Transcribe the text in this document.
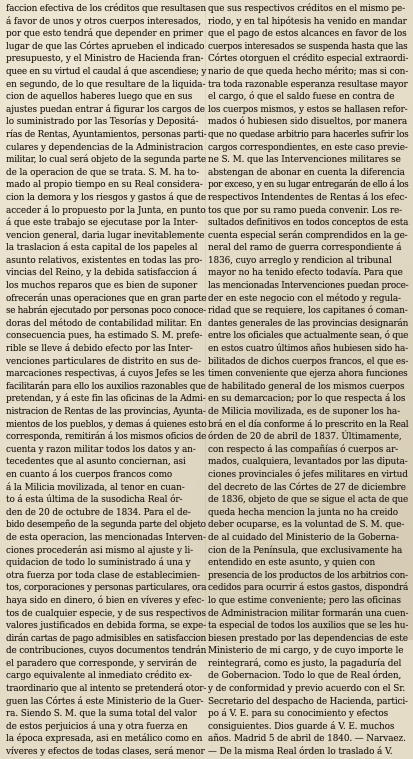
faccion efectiva de los créditos que resultasen
á favor de unos y otros cuerpos interesados,
por que esto tendrá que depender en primer
lugar de que las Córtes aprueben el indicado
presupuesto, y el Ministro de Hacienda fran-
quee en su virtud el caudal á que ascendiese; y
en segundo, de lo que resultare de la liquida-
cion de aquellos haberes luego que en sus
ajustes puedan entrar á figurar los cargos de
lo suministrado por las Tesorías y Depositá-
rías de Rentas, Ayuntamientos, personas parti-
culares y dependencias de la Administracion
militar, lo cual será objeto de la segunda parte
de la operacion de que se trata. S. M. ha to-
mado al propio tiempo en su Real considera-
cion la demora y los riesgos y gastos á que de
acceder á lo propuesto por la Junta, en punto
á que este trabajo se ejecutase por la Inter-
vencion general, daria lugar inevitablemente
la traslacion á esta capital de los papeles al
asunto relativos, existentes en todas las pro-
vincias del Reino, y la debida satisfaccion á
los muchos reparos que es bien de suponer
ofrecerán unas operaciones que en gran parte
se habrán ejecutado por personas poco conoce-
doras del método de contabilidad militar. En
consecuencia pues, ha estimado S. M. prefe-
rible se lleve á debido efecto por las Inter-
venciones particulares de distrito en sus de-
marcaciones respectivas, á cuyos Jefes se les
facilitarán para ello los auxilios razonables que
pretendan, y á este fin las oficinas de la Admi-
nistracion de Rentas de las provincias, Ayunta-
mientos de los pueblos, y demas á quienes esto
corresponda, remitirán á los mismos oficios de
cuenta y razon militar todos los datos y an-
tecedentes que al asunto conciernan, asi
en cuanto á los cuerpos francos como
á la Milicia movilizada, al tenor en cuan-
to á esta última de la susodicha Real ór-
den de 20 de octubre de 1834. Para el de-
bido desempeño de la segunda parte del objeto
de esta operacion, las mencionadas Interven-
ciones procederán asi mismo al ajuste y li-
quidacion de todo lo suministrado á una y
otra fuerza por toda clase de establecimien-
tos, corporaciones y personas particulares, ora
haya sido en dinero, ó bien en víveres y efec-
tos de cualquier especie, y de sus respectivos
valores justificados en debida forma, se expe-
dirán cartas de pago admisibles en satisfaccion
de contribuciones, cuyos documentos tendrán
el paradero que corresponde, y servirán de
cargo equivalente al inmediato crédito ex-
traordinario que al intento se pretenderá otor-
guen las Córtes á este Ministerio de la Guer-
ra. Siendo S. M. que la suma total del valor
de estos perjuicios á una y otra fuerza en
la época expresada, asi en metálico como en
víveres y efectos de todas clases, será menor
que sus respectivos créditos en el mismo pe-
riodo, y en tal hipótesis ha venido en mandar
que el pago de estos alcances en favor de los
cuerpos interesados se suspenda hasta que las
Córtes otorguen el crédito especial extraordi-
nario de que queda hecho mérito; mas si con-
tra toda razonable esperanza resultase mayor
el cargo, ó que el saldo fuese en contra de
los cuerpos mismos, y estos se hallasen refor-
mados ó hubiesen sido disueltos, por manera
que no quedase arbitrio para hacerles sufrir los
cargos correspondientes, en este caso previe-
ne S. M. que las Intervenciones militares se
abstengan de abonar en cuenta la diferencia
por exceso, y en su lugar entregarán de ello á los
respectivos Intendentes de Rentas á los efec-
tos que por su ramo pueda convenir. Los re-
sultados definitivos en todos conceptos de esta
cuenta especial serán comprendidos en la ge-
neral del ramo de guerra correspondiente á
1836, cuyo arreglo y rendicion al tribunal
mayor no ha tenido efecto todavía. Para que
las mencionadas Intervenciones puedan proce-
der en este negocio con el método y regula-
ridad que se requiere, los capitanes ó coman-
dantes generales de las provincias designarán
entre los oficiales que actualmente sean, ó que
en estos cuatro últimos años hubiesen sido ha-
bilitados de dichos cuerpos francos, el que es-
timen conveniente que ejerza ahora funciones
de habilitado general de los mismos cuerpos
en su demarcacion; por lo que respecta á los
de Milicia movilizada, es de suponer los ha-
brá en el día conforme á lo prescrito en la Real
órden de 20 de abril de 1837. Últimamente,
con respecto á las compañías ó cuerpos ar-
mados, cualquiera, levantados por las diputa-
ciones provinciales ó jefes militares en virtud
del decreto de las Córtes de 27 de diciembre
de 1836, objeto de que se sigue el acta de que
queda hecha mencion la junta no ha creido
deber ocuparse, es la voluntad de S. M. que-
de al cuidado del Ministerio de la Goberna-
cion de la Península, que exclusivamente ha
entendido en este asunto, y quien con
presencia de los productos de los arbitrios con-
cedidos para ocurrir á estos gastos, dispondrá
lo que estime conveniente; pero las oficinas
de Administracion militar formarán una cuen-
ta especial de todos los auxilios que se les hu-
biesen prestado por las dependencias de este
Ministerio de mi cargo, y de cuyo importe le
reintegrará, como es justo, la pagaduría del
de Gobernacion. Todo lo que de Real órden,
y de conformidad y previo acuerdo con el Sr.
Secretario del despacho de Hacienda, partici-
po á V. E. para su conocimiento y efectos
consiguientes. Dios guarde á V. E. muchos
años. Madrid 5 de abril de 1840. — Narvaez.
— De la misma Real órden lo traslado á V.
